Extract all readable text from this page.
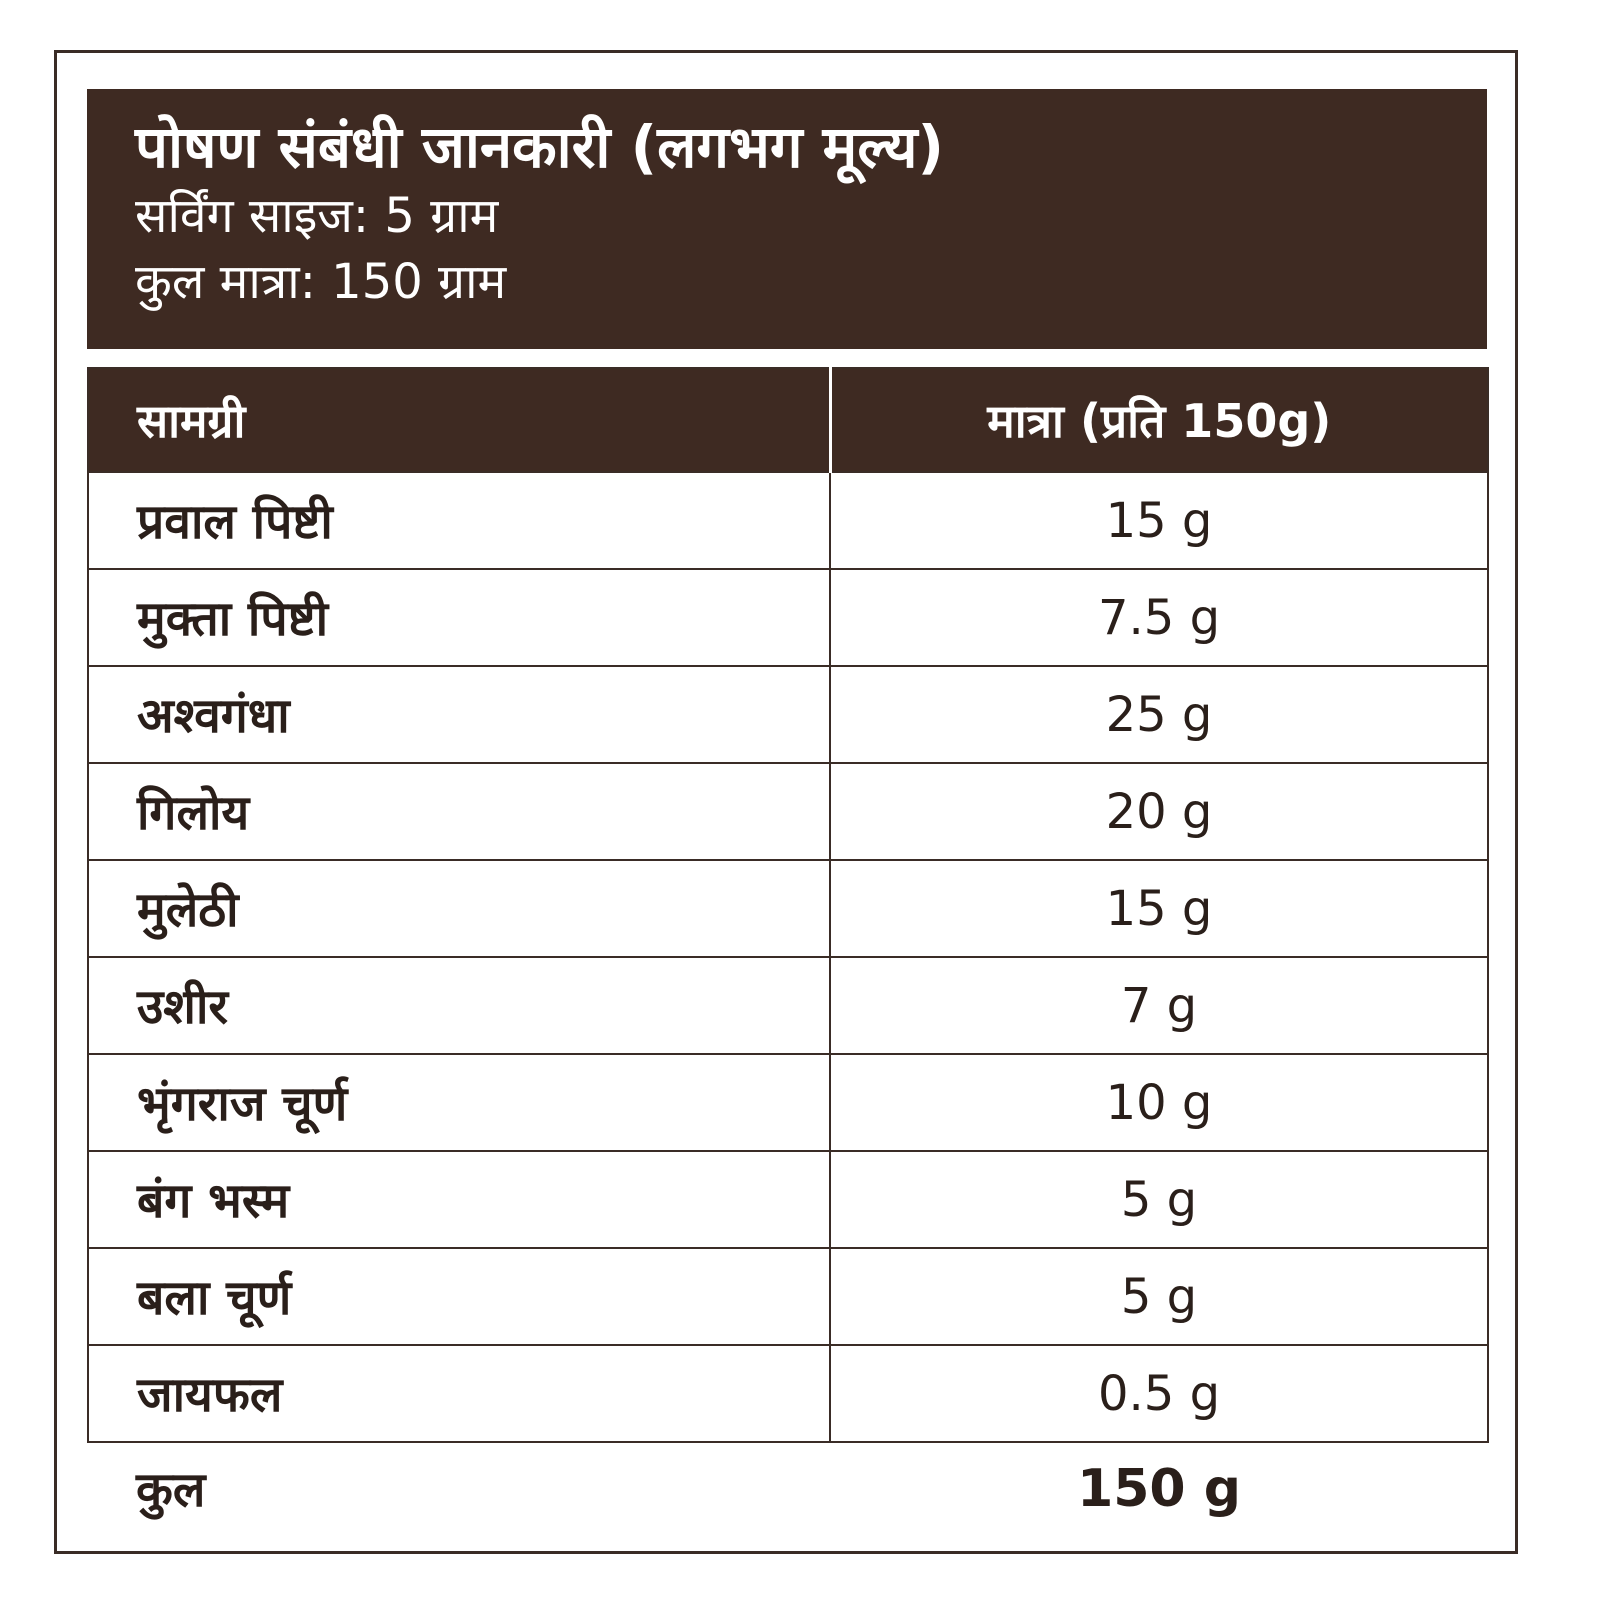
पोषण संबंधी जानकारी (लगभग मूल्य)
सर्विंग साइज: 5 ग्राम
कुल मात्रा: 150 ग्राम
सामग्री	मात्रा (प्रति 150g)
प्रवाल पिष्टी	15 g
मुक्ता पिष्टी	7.5 g
अश्वगंधा	25 g
गिलोय	20 g
मुलेठी	15 g
उशीर	7 g
भृंगराज चूर्ण	10 g
बंग भस्म	5 g
बला चूर्ण	5 g
जायफल	0.5 g
कुल	150 g
